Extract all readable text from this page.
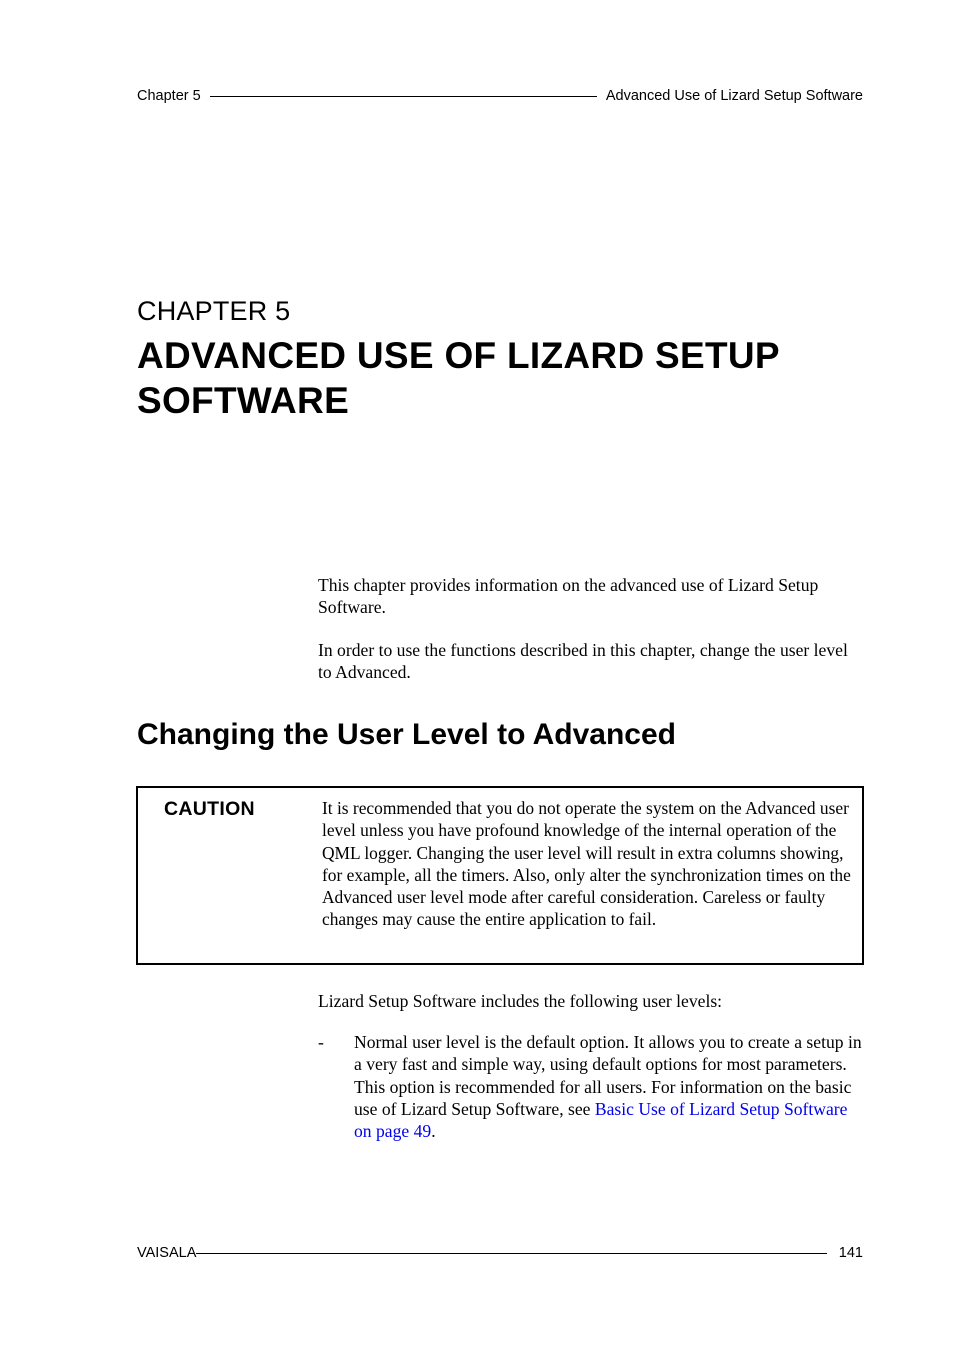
Chapter 5	Advanced Use of Lizard Setup Software
CHAPTER 5
ADVANCED USE OF LIZARD SETUP SOFTWARE

This chapter provides information on the advanced use of Lizard Setup Software.

In order to use the functions described in this chapter, change the user level to Advanced.

Changing the User Level to Advanced
CAUTION	It is recommended that you do not operate the system on the Advanced user level unless you have profound knowledge of the internal operation of the QML logger. Changing the user level will result in extra columns showing, for example, all the timers. Also, only alter the synchronization times on the Advanced user level mode after careful consideration. Careless or faulty changes may cause the entire application to fail.

Lizard Setup Software includes the following user levels:

- Normal user level is the default option. It allows you to create a setup in a very fast and simple way, using default options for most parameters. This option is recommended for all users. For information on the basic use of Lizard Setup Software, see Basic Use of Lizard Setup Software on page 49.

VAISALA	141
